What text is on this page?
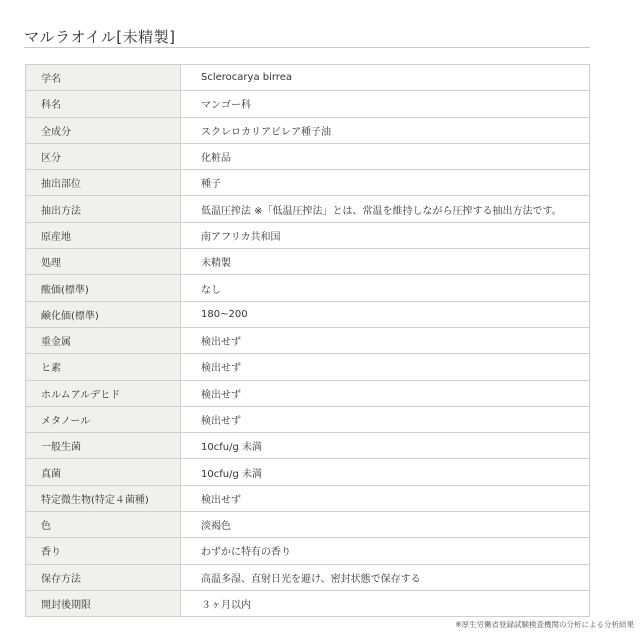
マルラオイル[未精製]
学名	Sclerocarya birrea
科名	マンゴー科
全成分	スクレロカリアビレア種子油
区分	化粧品
抽出部位	種子
抽出方法	低温圧搾法 ※「低温圧搾法」とは、常温を維持しながら圧搾する抽出方法です。
原産地	南アフリカ共和国
処理	未精製
酸価(標準)	なし
鹸化価(標準)	180~200
重金属	検出せず
ヒ素	検出せず
ホルムアルデヒド	検出せず
メタノール	検出せず
一般生菌	10cfu/g 未満
真菌	10cfu/g 未満
特定微生物(特定４菌種)	検出せず
色	淡褐色
香り	わずかに特有の香り
保存方法	高温多湿、直射日光を避け、密封状態で保存する
開封後期限	３ヶ月以内
※厚生労働省登録試験検査機関の分析による分析結果
